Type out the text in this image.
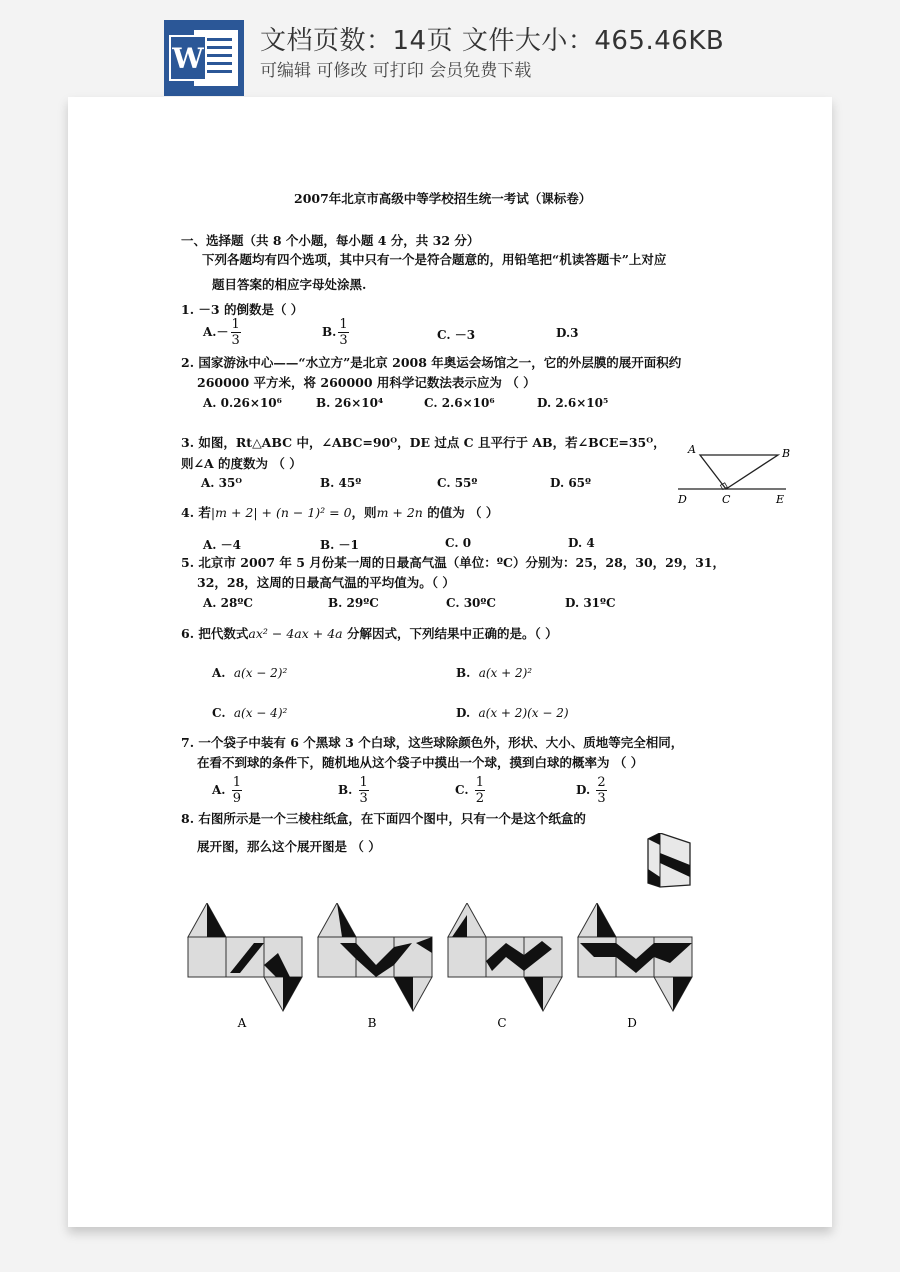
W
文档页数：14页 文件大小：465.46KB
可编辑 可修改 可打印 会员免费下载
2007年北京市高级中等学校招生统一考试（课标卷）
一、选择题（共 8 个小题，每小题 4 分，共 32 分）
下列各题均有四个选项，其中只有一个是符合题意的，用铅笔把“机读答题卡”上对应
题目答案的相应字母处涂黑.
1. －3 的倒数是（ ）
$A.- \frac{1}{3}$	B. $\frac{1}{3}$	C. －3	D.3
2. 国家游泳中心——“水立方”是北京 2008 年奥运会场馆之一，它的外层膜的展开面积约
260000 平方米，将 260000 用科学记数法表示应为 （ ）
A. 0.26×10⁶	B. 26×10⁴	C. 2.6×10⁶	D. 2.6×10⁵
3. 如图，Rt△ABC 中，∠ABC=90ᴼ，DE 过点 C 且平行于 AB，若∠BCE=35ᴼ，
则∠A 的度数为 （ ）
A. 35ᴼ	B. 45º	C. 55º	D. 65º
A	B
D	C	E
4. 若|m + 2| + (n − 1)² = 0，则m + 2n 的值为 （ ）
A. －4	B. －1	C. 0	D. 4
5. 北京市 2007 年 5 月份某一周的日最高气温（单位：ºC）分别为：25，28，30，29，31，
32，28，这周的日最高气温的平均值为。（ ）
A. 28ºC	B. 29ºC	C. 30ºC	D. 31ºC
6. 把代数式ax² − 4ax + 4a 分解因式，下列结果中正确的是。（ ）
A. a(x − 2)²	B. a(x + 2)²
C. a(x − 4)²	D. a(x + 2)(x − 2)
7. 一个袋子中装有 6 个黑球 3 个白球，这些球除颜色外，形状、大小、质地等完全相同，
在看不到球的条件下，随机地从这个袋子中摸出一个球，摸到白球的概率为 （ ）
A. $\frac{1}{9}$	B. $\frac{1}{3}$	C. $\frac{1}{2}$	D. $\frac{2}{3}$
8. 右图所示是一个三棱柱纸盒，在下面四个图中，只有一个是这个纸盒的
展开图，那么这个展开图是 （ ）
A	B	C	D
